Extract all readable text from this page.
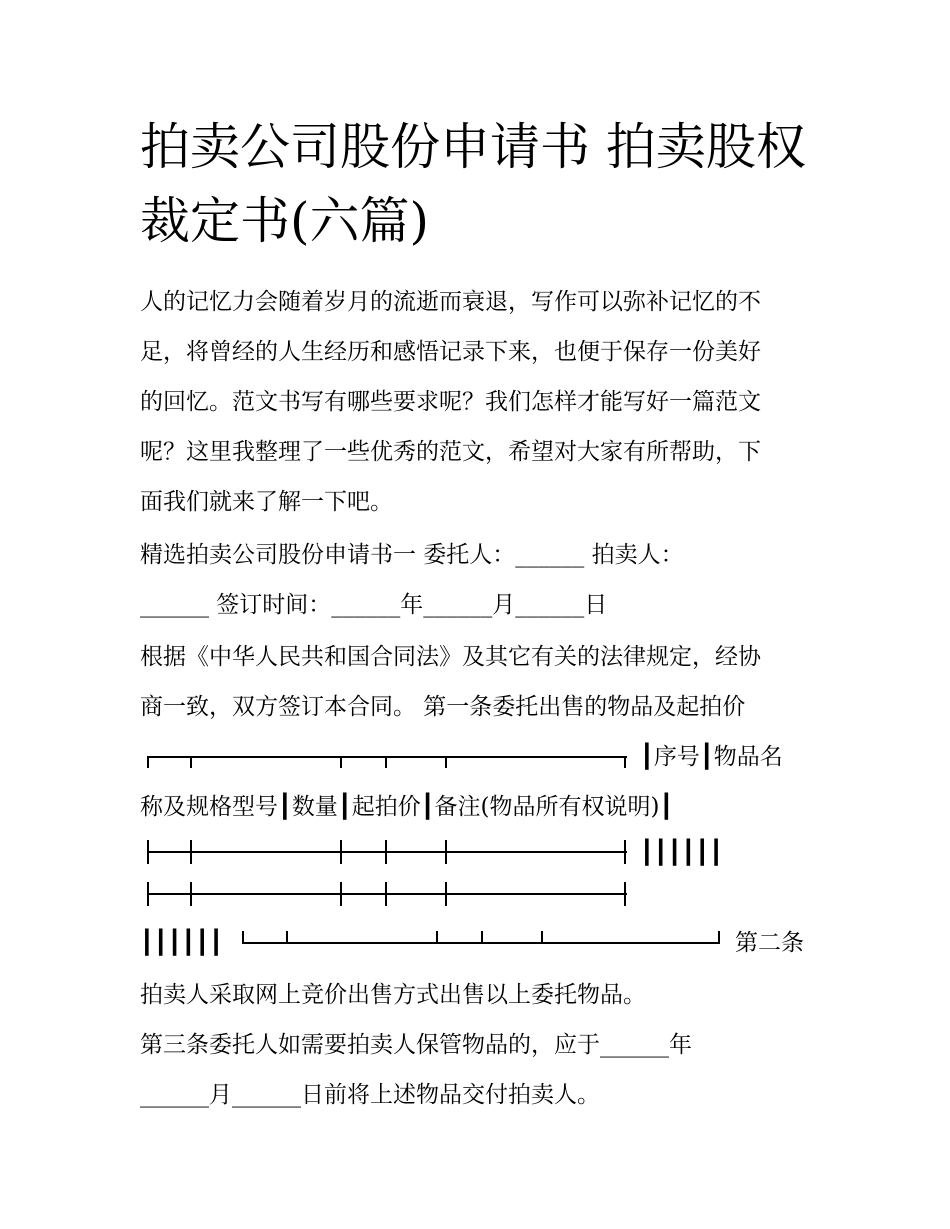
拍卖公司股份申请书 拍卖股权裁定书(六篇)
人的记忆力会随着岁月的流逝而衰退，写作可以弥补记忆的不
足，将曾经的人生经历和感悟记录下来，也便于保存一份美好
的回忆。范文书写有哪些要求呢？我们怎样才能写好一篇范文
呢？这里我整理了一些优秀的范文，希望对大家有所帮助，下
面我们就来了解一下吧。
精选拍卖公司股份申请书一 委托人：______ 拍卖人：
______ 签订时间：______年______月______日
根据《中华人民共和国合同法》及其它有关的法律规定，经协
商一致，双方签订本合同。 第一条委托出售的物品及起拍价
┃序号┃物品名
称及规格型号┃数量┃起拍价┃备注(物品所有权说明)┃
┃┃┃┃┃┃
┃┃┃┃┃┃	第二条
拍卖人采取网上竞价出售方式出售以上委托物品。
第三条委托人如需要拍卖人保管物品的，应于______年
______月______日前将上述物品交付拍卖人。
